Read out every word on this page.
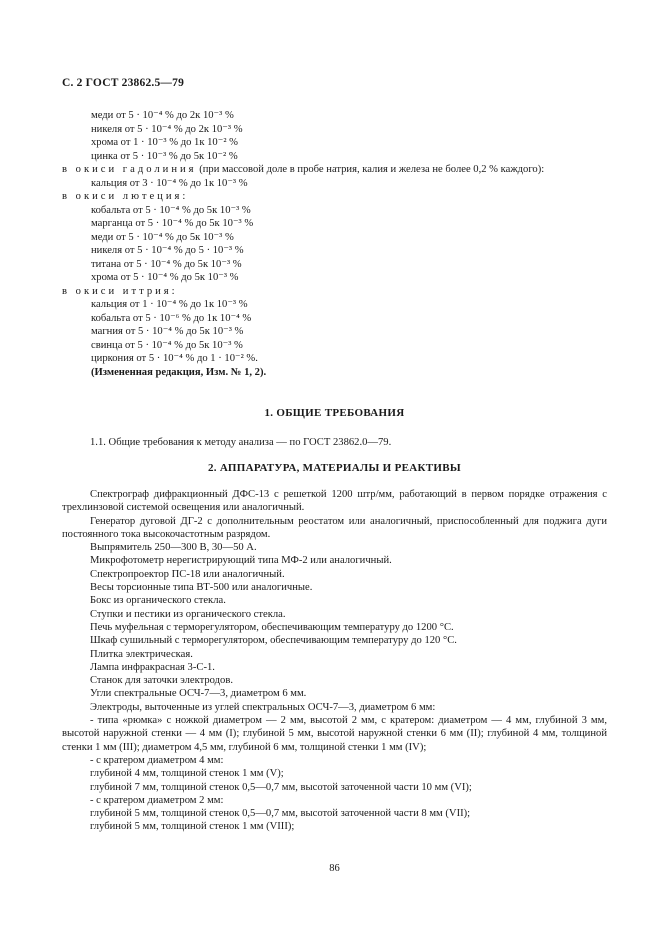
С. 2 ГОСТ 23862.5—79
меди от 5 · 10⁻⁴ % до 2к 10⁻³ %
никеля от 5 · 10⁻⁴ % до 2к 10⁻³ %
хрома от 1 · 10⁻³ % до 1к 10⁻² %
цинка от 5 · 10⁻³ % до 5к 10⁻² %
в окиси гадолиния (при массовой доле в пробе натрия, калия и железа не более 0,2 % каждого):
кальция от 3 · 10⁻⁴ % до 1к 10⁻³ %
в окиси лютеция:
кобальта от 5 · 10⁻⁴ % до 5к 10⁻³ %
марганца от 5 · 10⁻⁴ % до 5к 10⁻³ %
меди от 5 · 10⁻⁴ % до 5к 10⁻³ %
никеля от 5 · 10⁻⁴ % до 5 · 10⁻³ %
титана от 5 · 10⁻⁴ % до 5к 10⁻³ %
хрома от 5 · 10⁻⁴ % до 5к 10⁻³ %
в окиси иттрия:
кальция от 1 · 10⁻⁴ % до 1к 10⁻³ %
кобальта от 5 · 10⁻⁶ % до 1к 10⁻⁴ %
магния от 5 · 10⁻⁴ % до 5к 10⁻³ %
свинца от 5 · 10⁻⁴ % до 5к 10⁻³ %
циркония от 5 · 10⁻⁴ % до 1 · 10⁻² %.
(Измененная редакция, Изм. № 1, 2).
1. ОБЩИЕ ТРЕБОВАНИЯ
1.1. Общие требования к методу анализа — по ГОСТ 23862.0—79.
2. АППАРАТУРА, МАТЕРИАЛЫ И РЕАКТИВЫ
Спектрограф дифракционный ДФС-13 с решеткой 1200 штр/мм, работающий в первом порядке отражения с трехлинзовой системой освещения или аналогичный.
Генератор дуговой ДГ-2 с дополнительным реостатом или аналогичный, приспособленный для поджига дуги постоянного тока высокочастотным разрядом.
Выпрямитель 250—300 В, 30—50 А.
Микрофотометр нерегистрирующий типа МФ-2 или аналогичный.
Спектропроектор ПС-18 или аналогичный.
Весы торсионные типа ВТ-500 или аналогичные.
Бокс из органического стекла.
Ступки и пестики из органического стекла.
Печь муфельная с терморегулятором, обеспечивающим температуру до 1200 °С.
Шкаф сушильный с терморегулятором, обеспечивающим температуру до 120 °С.
Плитка электрическая.
Лампа инфракрасная 3-С-1.
Станок для заточки электродов.
Угли спектральные ОСЧ-7—3, диаметром 6 мм.
Электроды, выточенные из углей спектральных ОСЧ-7—3, диаметром 6 мм:
- типа «рюмка» с ножкой диаметром — 2 мм, высотой 2 мм, с кратером: диаметром — 4 мм, глубиной 3 мм, высотой наружной стенки — 4 мм (I); глубиной 5 мм, высотой наружной стенки 6 мм (II); глубиной 4 мм, толщиной стенки 1 мм (III); диаметром 4,5 мм, глубиной 6 мм, толщиной стенки 1 мм (IV);
- с кратером диаметром 4 мм:
глубиной 4 мм, толщиной стенок 1 мм (V);
глубиной 7 мм, толщиной стенок 0,5—0,7 мм, высотой заточенной части 10 мм (VI);
- с кратером диаметром 2 мм:
глубиной 5 мм, толщиной стенок 0,5—0,7 мм, высотой заточенной части 8 мм (VII);
глубиной 5 мм, толщиной стенок 1 мм (VIII);
86
